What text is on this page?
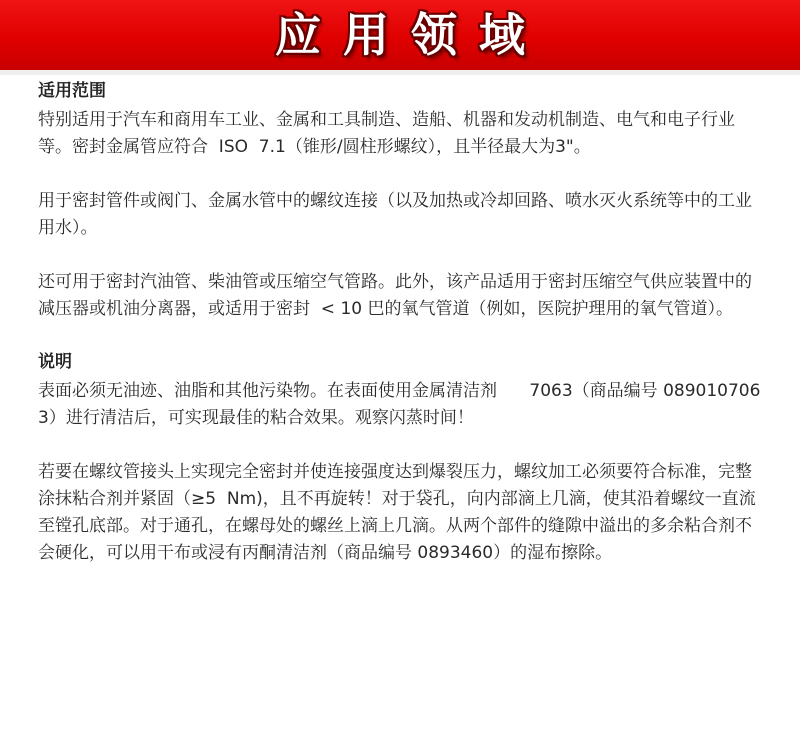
应用领域
适用范围

特别适用于汽车和商用车工业、金属和工具制造、造船、机器和发动机制造、电气和电子行业等。密封金属管应符合  ISO  7.1（锥形/圆柱形螺纹），且半径最大为3"。

用于密封管件或阀门、金属水管中的螺纹连接（以及加热或冷却回路、喷水灭火系统等中的工业用水）。

还可用于密封汽油管、柴油管或压缩空气管路。此外，该产品适用于密封压缩空气供应装置中的减压器或机油分离器，或适用于密封  < 10 巴的氧气管道（例如，医院护理用的氧气管道）。

说明

表面必须无油迹、油脂和其他污染物。在表面使用金属清洁剂      7063（商品编号 0890107063）进行清洁后，可实现最佳的粘合效果。观察闪蒸时间！

若要在螺纹管接头上实现完全密封并使连接强度达到爆裂压力，螺纹加工必须要符合标准，完整涂抹粘合剂并紧固（≥5  Nm)，且不再旋转！对于袋孔，向内部滴上几滴，使其沿着螺纹一直流至镗孔底部。对于通孔，在螺母处的螺丝上滴上几滴。从两个部件的缝隙中溢出的多余粘合剂不会硬化，可以用干布或浸有丙酮清洁剂（商品编号 0893460）的湿布擦除。
